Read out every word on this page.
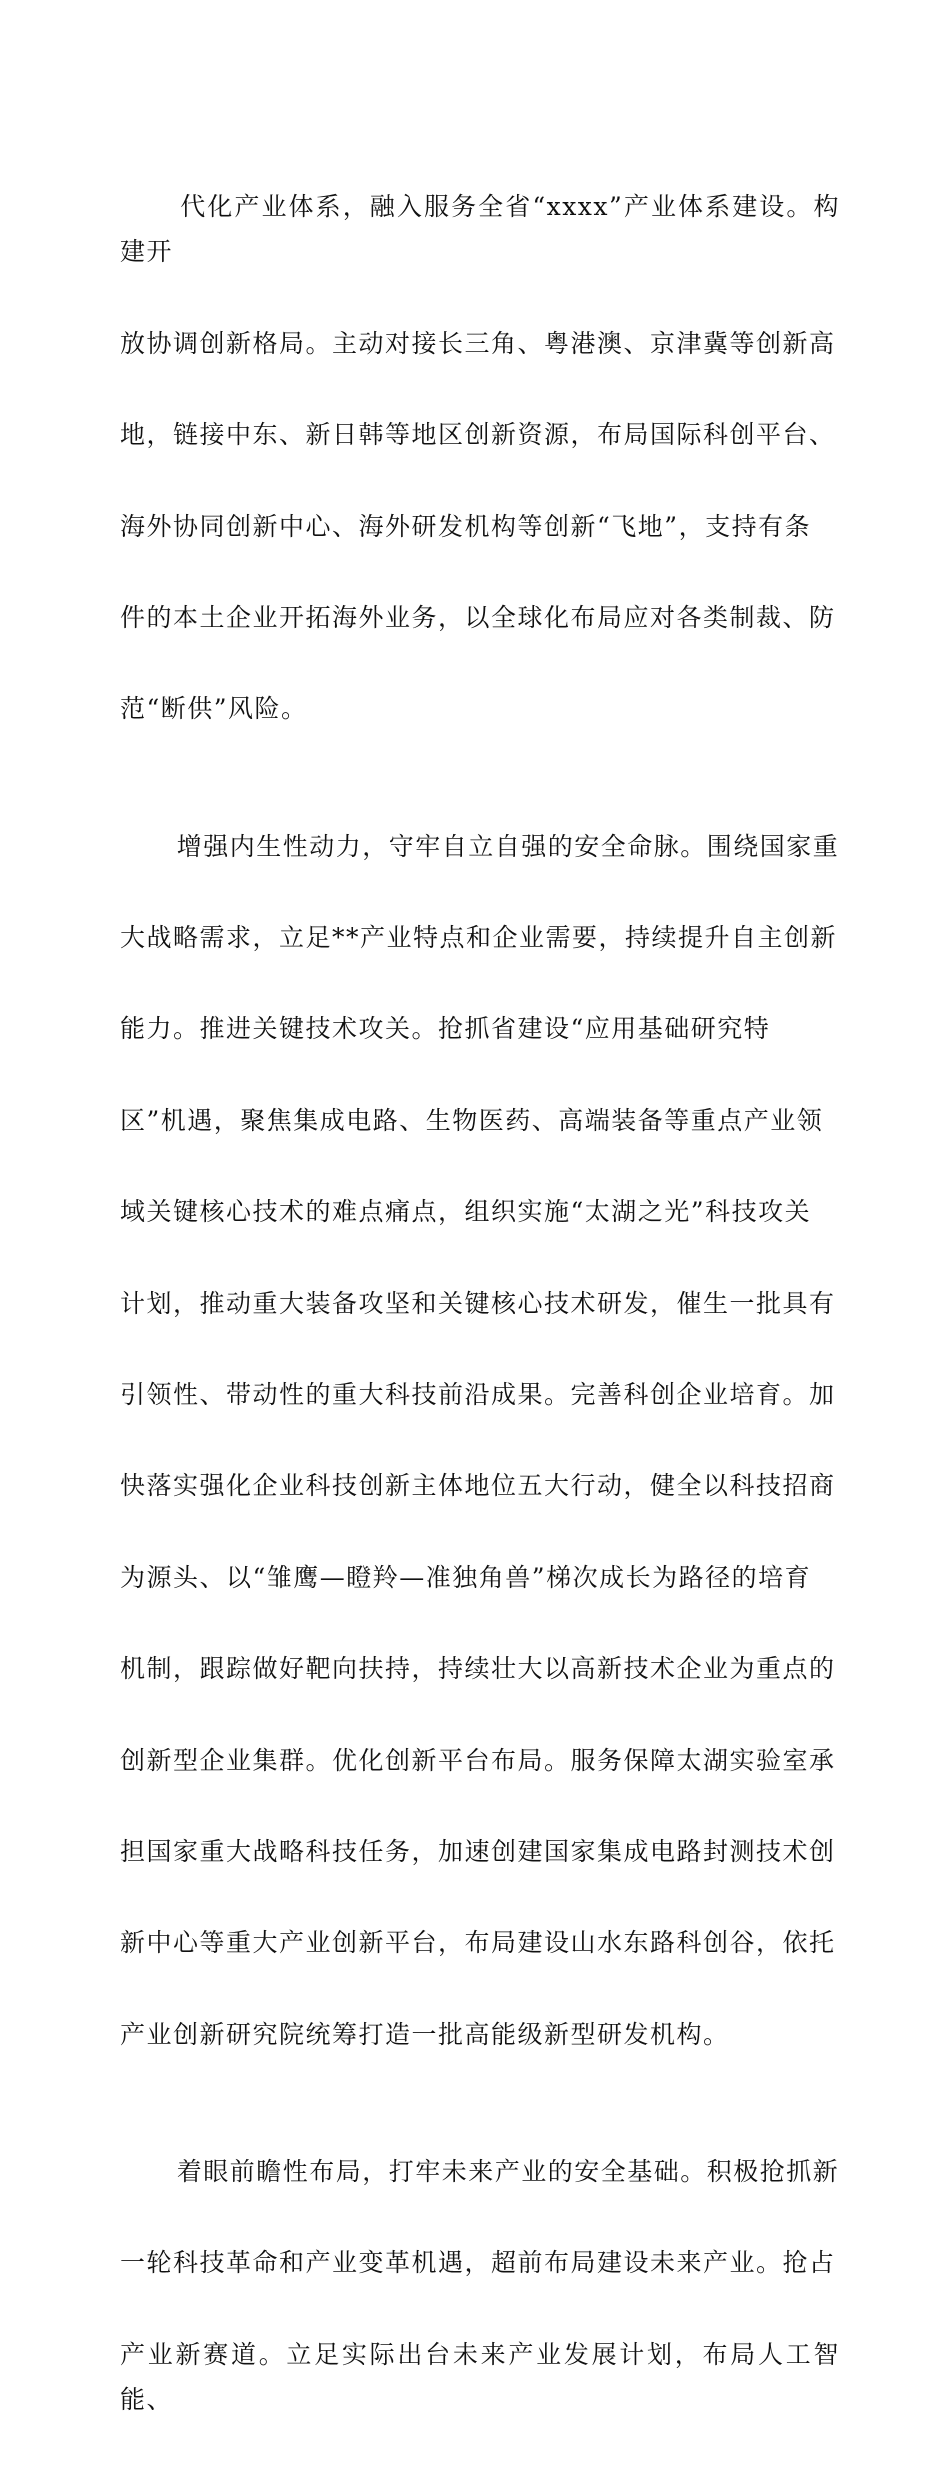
代化产业体系，融入服务全省“xxxx”产业体系建设。构建开

放协调创新格局。主动对接长三角、粤港澳、京津冀等创新高

地，链接中东、新日韩等地区创新资源，布局国际科创平台、

海外协同创新中心、海外研发机构等创新“飞地”，支持有条

件的本土企业开拓海外业务，以全球化布局应对各类制裁、防

范“断供”风险。

增强内生性动力，守牢自立自强的安全命脉。围绕国家重

大战略需求，立足**产业特点和企业需要，持续提升自主创新

能力。推进关键技术攻关。抢抓省建设“应用基础研究特

区”机遇，聚焦集成电路、生物医药、高端装备等重点产业领

域关键核心技术的难点痛点，组织实施“太湖之光”科技攻关

计划，推动重大装备攻坚和关键核心技术研发，催生一批具有

引领性、带动性的重大科技前沿成果。完善科创企业培育。加

快落实强化企业科技创新主体地位五大行动，健全以科技招商

为源头、以“雏鹰—瞪羚—准独角兽”梯次成长为路径的培育

机制，跟踪做好靶向扶持，持续壮大以高新技术企业为重点的

创新型企业集群。优化创新平台布局。服务保障太湖实验室承

担国家重大战略科技任务，加速创建国家集成电路封测技术创

新中心等重大产业创新平台，布局建设山水东路科创谷，依托

产业创新研究院统筹打造一批高能级新型研发机构。

着眼前瞻性布局，打牢未来产业的安全基础。积极抢抓新

一轮科技革命和产业变革机遇，超前布局建设未来产业。抢占

产业新赛道。立足实际出台未来产业发展计划，布局人工智能、
